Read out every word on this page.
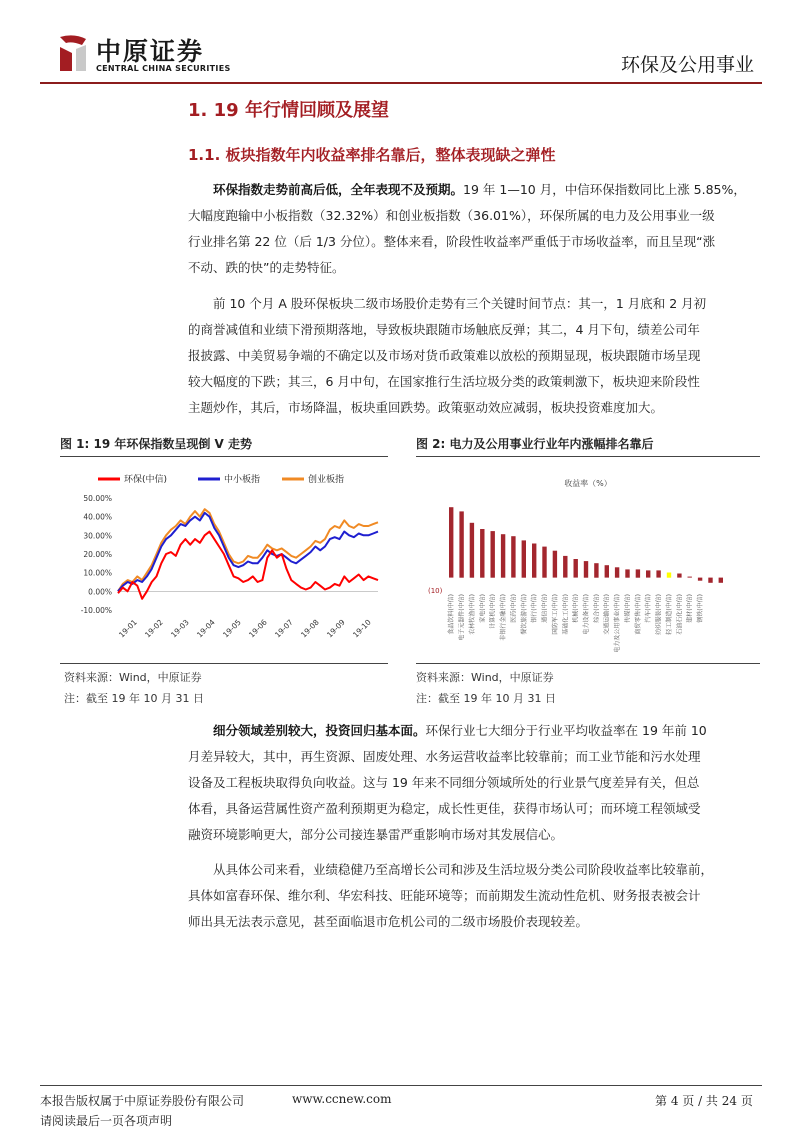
中原证券
CENTRAL CHINA SECURITIES	环保及公用事业
1. 19 年行情回顾及展望
1.1. 板块指数年内收益率排名靠后，整体表现缺之弹性
环保指数走势前高后低，全年表现不及预期。19 年 1—10 月，中信环保指数同比上涨 5.85%，
大幅度跑输中小板指数（32.32%）和创业板指数（36.01%），环保所属的电力及公用事业一级
行业排名第 22 位（后 1/3 分位）。整体来看，阶段性收益率严重低于市场收益率，而且呈现“涨
不动、跌的快”的走势特征。
前 10 个月 A 股环保板块二级市场股价走势有三个关键时间节点：其一，1 月底和 2 月初
的商誉减值和业绩下滑预期落地，导致板块跟随市场触底反弹；其二，4 月下旬，绩差公司年
报披露、中美贸易争端的不确定以及市场对货币政策难以放松的预期显现，板块跟随市场呈现
较大幅度的下跌；其三，6 月中旬，在国家推行生活垃圾分类的政策刺激下，板块迎来阶段性
主题炒作，其后，市场降温，板块重回跌势。政策驱动效应减弱，板块投资难度加大。
图 1: 19 年环保指数呈现倒 V 走势	图 2: 电力及公用事业行业年内涨幅排名靠后
环保(中信)	中小板指	创业板指
-10.00%
0.00%
10.00%
20.00%
30.00%
40.00%
50.00%
19-01 19-02 19-03 19-04 19-05 19-06 19-07 19-08 19-09 19-10
收益率（%）
(10)
食品饮料(中信) 电子元器件(中信) 农林牧渔(中信) 家电(中信) 计算机(中信) 非银行金融(中信) 医药(中信) 餐饮旅游(中信) 银行(中信) 通信(中信) 国防军工(中信) 基础化工(中信) 机械(中信) 电力设备(中信) 综合(中信) 交通运输(中信) 电力及公用事业(中信) 传媒(中信) 商贸零售(中信) 汽车(中信) 纺织服装(中信) 轻工制造(中信) 石油石化(中信) 建材(中信) 钢铁(中信)
资料来源：Wind，中原证券	资料来源：Wind，中原证券
注：截至 19 年 10 月 31 日	注：截至 19 年 10 月 31 日
细分领域差别较大，投资回归基本面。环保行业七大细分于行业平均收益率在 19 年前 10
月差异较大，其中，再生资源、固废处理、水务运营收益率比较靠前；而工业节能和污水处理
设备及工程板块取得负向收益。这与 19 年来不同细分领域所处的行业景气度差异有关，但总
体看，具备运营属性资产盈利预期更为稳定，成长性更佳，获得市场认可；而环境工程领域受
融资环境影响更大，部分公司接连暴雷严重影响市场对其发展信心。
从具体公司来看，业绩稳健乃至高增长公司和涉及生活垃圾分类公司阶段收益率比较靠前，
具体如富春环保、维尔利、华宏科技、旺能环境等；而前期发生流动性危机、财务报表被会计
师出具无法表示意见，甚至面临退市危机公司的二级市场股价表现较差。
本报告版权属于中原证券股份有限公司	www.ccnew.com
请阅读最后一页各项声明
第 4 页 / 共 24 页
